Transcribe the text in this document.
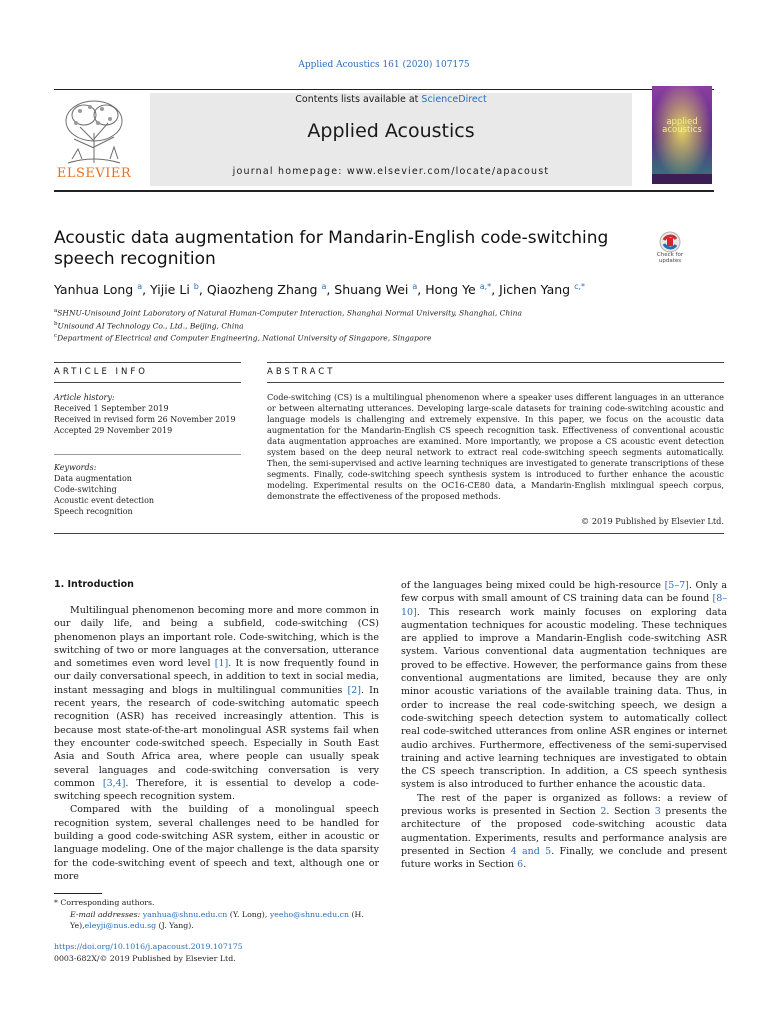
Applied Acoustics 161 (2020) 107175
ELSEVIER
Contents lists available at ScienceDirect
Applied Acoustics
journal homepage: www.elsevier.com/locate/apacoust
applied acoustics
Acoustic data augmentation for Mandarin-English code-switching speech recognition	Check for updates
Yanhua Long $^a$, Yijie Li $^b$, Qiaozheng Zhang $^a$, Shuang Wei $^a$, Hong Ye $^{a,*}$, Jichen Yang $^{c,*}$
$^a$SHNU-Unisound Joint Laboratory of Natural Human-Computer Interaction, Shanghai Normal University, Shanghai, China
$^b$Unisound AI Technology Co., Ltd., Beijing, China
$^c$Department of Electrical and Computer Engineering, National University of Singapore, Singapore
ARTICLE INFO	ABSTRACT
Article history:
Received 1 September 2019
Received in revised form 26 November 2019
Accepted 29 November 2019
Keywords:
Data augmentation
Code-switching
Acoustic event detection
Speech recognition
Code-switching (CS) is a multilingual phenomenon where a speaker uses different languages in an utterance or between alternating utterances. Developing large-scale datasets for training code-switching acoustic and language models is challenging and extremely expensive. In this paper, we focus on the acoustic data augmentation for the Mandarin-English CS speech recognition task. Effectiveness of conventional acoustic data augmentation approaches are examined. More importantly, we propose a CS acoustic event detection system based on the deep neural network to extract real code-switching speech segments automatically. Then, the semi-supervised and active learning techniques are investigated to generate transcriptions of these segments. Finally, code-switching speech synthesis system is introduced to further enhance the acoustic modeling. Experimental results on the OC16-CE80 data, a Mandarin-English mixlingual speech corpus, demonstrate the effectiveness of the proposed methods.
© 2019 Published by Elsevier Ltd.
1. Introduction

Multilingual phenomenon becoming more and more common in our daily life, and being a subfield, code-switching (CS) phenomenon plays an important role. Code-switching, which is the switching of two or more languages at the conversation, utterance and sometimes even word level [1]. It is now frequently found in our daily conversational speech, in addition to text in social media, instant messaging and blogs in multilingual communities [2]. In recent years, the research of code-switching automatic speech recognition (ASR) has received increasingly attention. This is because most state-of-the-art monolingual ASR systems fail when they encounter code-switched speech. Especially in South East Asia and South Africa area, where people can usually speak several languages and code-switching conversation is very common [3,4]. Therefore, it is essential to develop a code-switching speech recognition system.

Compared with the building of a monolingual speech recognition system, several challenges need to be handled for building a good code-switching ASR system, either in acoustic or language modeling. One of the major challenge is the data sparsity for the code-switching event of speech and text, although one or more

of the languages being mixed could be high-resource [5–7]. Only a few corpus with small amount of CS training data can be found [8–10]. This research work mainly focuses on exploring data augmentation techniques for acoustic modeling. These techniques are applied to improve a Mandarin-English code-switching ASR system. Various conventional data augmentation techniques are proved to be effective. However, the performance gains from these conventional augmentations are limited, because they are only minor acoustic variations of the available training data. Thus, in order to increase the real code-switching speech, we design a code-switching speech detection system to automatically collect real code-switched utterances from online ASR engines or internet audio archives. Furthermore, effectiveness of the semi-supervised training and active learning techniques are investigated to obtain the CS speech transcription. In addition, a CS speech synthesis system is also introduced to further enhance the acoustic data.

The rest of the paper is organized as follows: a review of previous works is presented in Section 2. Section 3 presents the architecture of the proposed code-switching acoustic data augmentation. Experiments, results and performance analysis are presented in Section 4 and 5. Finally, we conclude and present future works in Section 6.

* Corresponding authors.
E-mail addresses: yanhua@shnu.edu.cn (Y. Long), yeeho@shnu.edu.cn (H. Ye),eleyji@nus.edu.sg (J. Yang).
https://doi.org/10.1016/j.apacoust.2019.107175
0003-682X/© 2019 Published by Elsevier Ltd.
